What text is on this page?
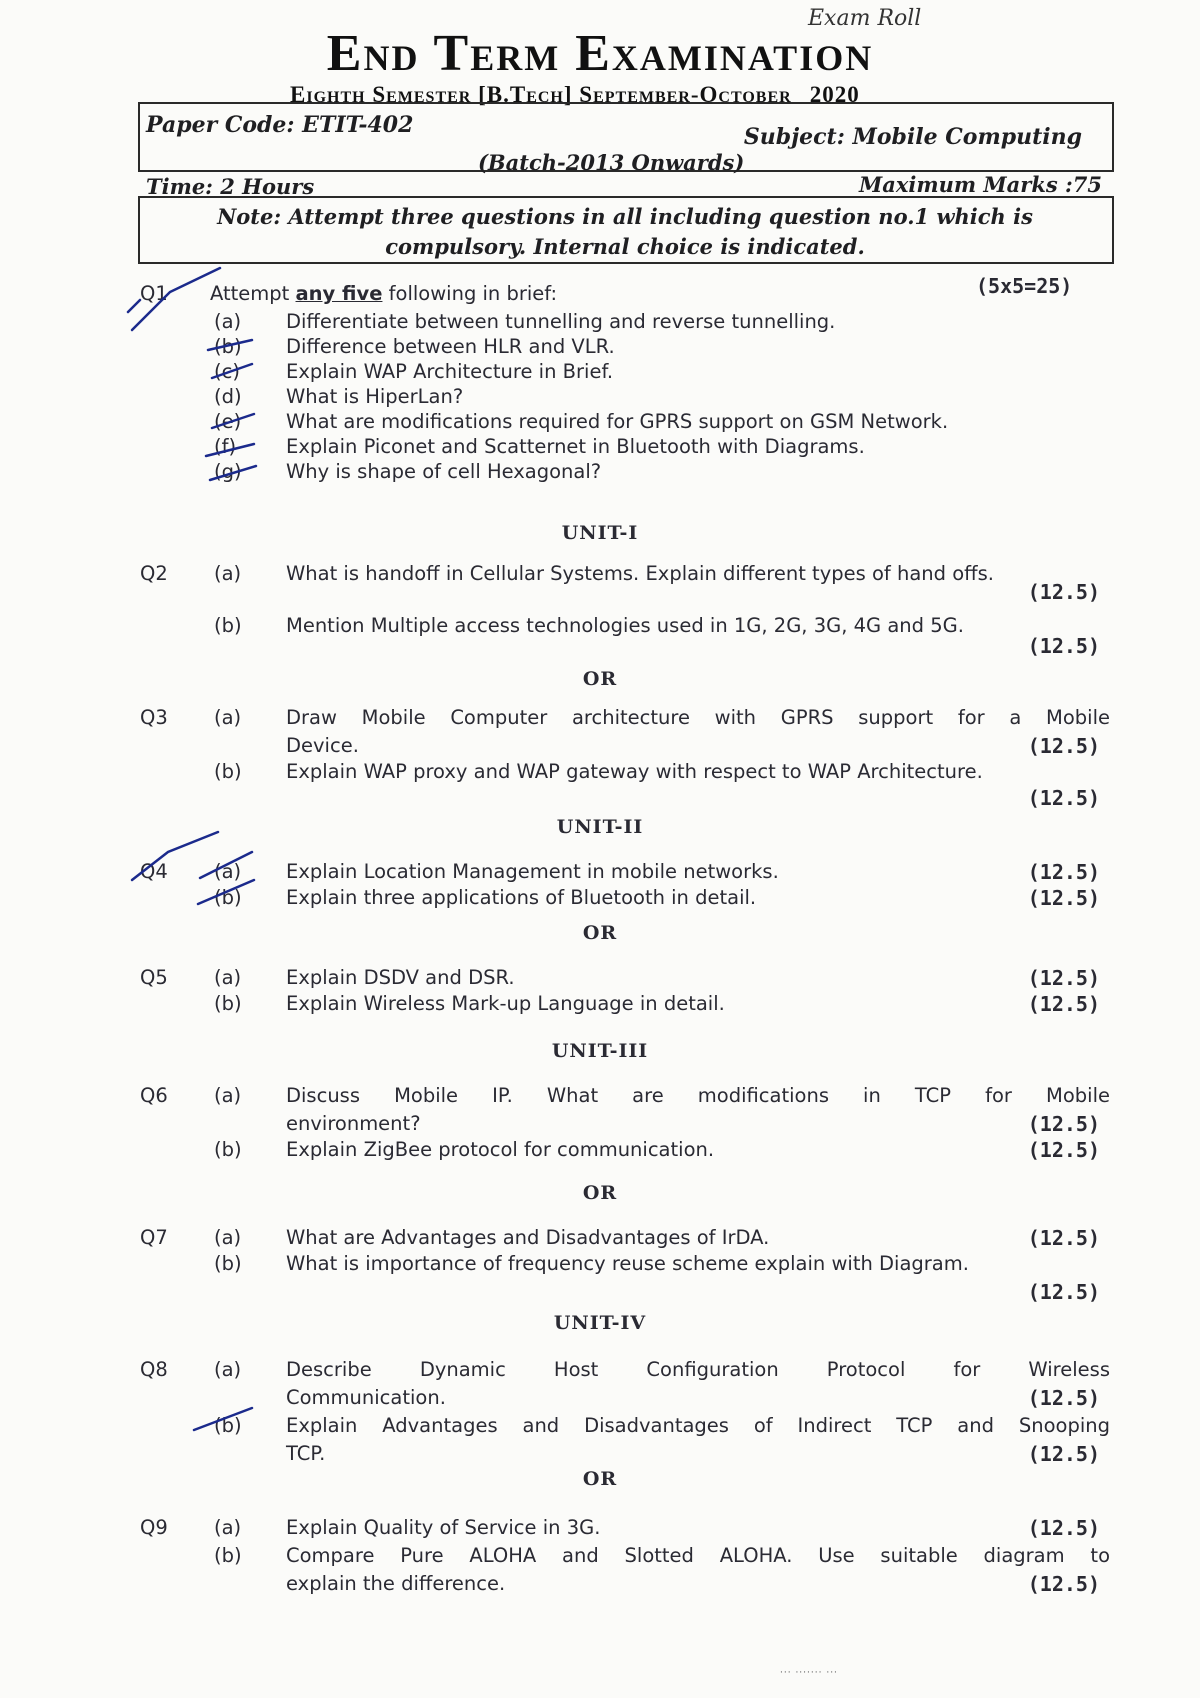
Exam Roll
End Term Examination
Eighth Semester [B.Tech] September-October 2020
Paper Code: ETIT-402	Subject: Mobile Computing
(Batch-2013 Onwards)
Time: 2 Hours	Maximum Marks :75
Note: Attempt three questions in all including question no.1 which is
compulsory. Internal choice is indicated.
Q1 Attempt any five following in brief:	(5x5=25)
(a) Differentiate between tunnelling and reverse tunnelling.
(b) Difference between HLR and VLR.
(c) Explain WAP Architecture in Brief.
(d) What is HiperLan?
(e) What are modifications required for GPRS support on GSM Network.
(f)	Explain Piconet and Scatternet in Bluetooth with Diagrams.
(g) Why is shape of cell Hexagonal?
UNIT-I
Q2 (a) What is handoff in Cellular Systems. Explain different types of hand offs.
(12.5)
(b) Mention Multiple access technologies used in 1G, 2G, 3G, 4G and 5G.
(12.5)
OR
Q3 (a) Draw Mobile Computer architecture with GPRS support for a Mobile
Device.	(12.5)
(b) Explain WAP proxy and WAP gateway with respect to WAP Architecture.
(12.5)
UNIT-II
Q4 (a) Explain Location Management in mobile networks.	(12.5)
(b) Explain three applications of Bluetooth in detail.	(12.5)
OR
Q5 (a) Explain DSDV and DSR.	(12.5)
(b) Explain Wireless Mark-up Language in detail.	(12.5)
UNIT-III
Q6 (a) Discuss Mobile IP. What are modifications in TCP for Mobile
environment?	(12.5)
(b) Explain ZigBee protocol for communication.	(12.5)
OR
Q7 (a) What are Advantages and Disadvantages of IrDA.	(12.5)
(b) What is importance of frequency reuse scheme explain with Diagram.
(12.5)
UNIT-IV
Q8 (a) Describe Dynamic Host Configuration Protocol for Wireless
Communication.	(12.5)
(b) Explain Advantages and Disadvantages of Indirect TCP and Snooping
TCP.	(12.5)
OR
Q9 (a) Explain Quality of Service in 3G.	(12.5)
(b) Compare Pure ALOHA and Slotted ALOHA. Use suitable diagram to
explain the difference.	(12.5)
··· ······· ···
